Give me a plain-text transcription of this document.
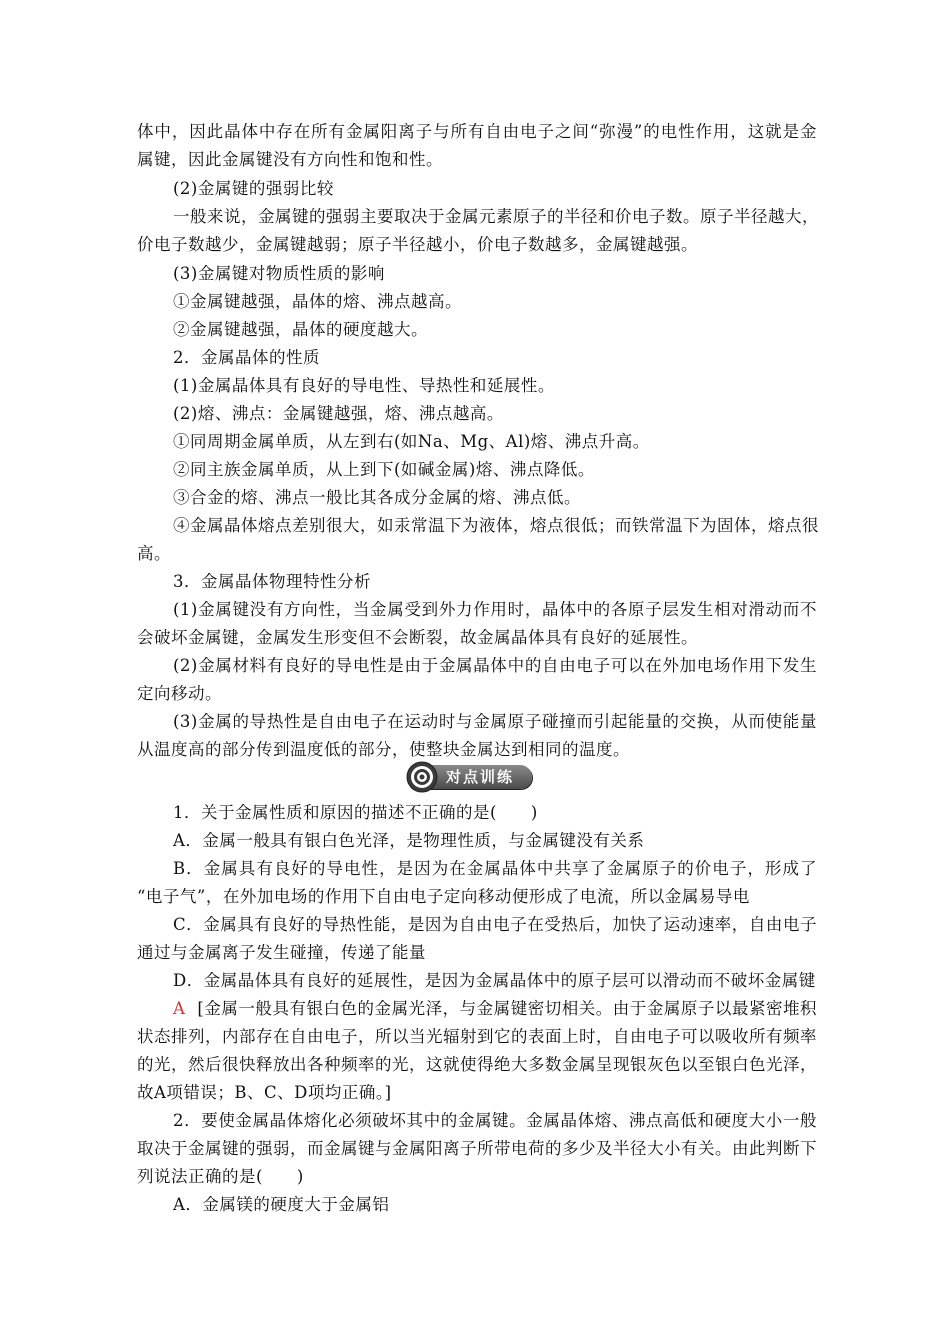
体中，因此晶体中存在所有金属阳离子与所有自由电子之间“弥漫”的电性作用，这就是金
属键，因此金属键没有方向性和饱和性。
(2)金属键的强弱比较
一般来说，金属键的强弱主要取决于金属元素原子的半径和价电子数。原子半径越大，
价电子数越少，金属键越弱；原子半径越小，价电子数越多，金属键越强。
(3)金属键对物质性质的影响
①金属键越强，晶体的熔、沸点越高。
②金属键越强，晶体的硬度越大。
2．金属晶体的性质
(1)金属晶体具有良好的导电性、导热性和延展性。
(2)熔、沸点：金属键越强，熔、沸点越高。
①同周期金属单质，从左到右(如Na、Mg、Al)熔、沸点升高。
②同主族金属单质，从上到下(如碱金属)熔、沸点降低。
③合金的熔、沸点一般比其各成分金属的熔、沸点低。
④金属晶体熔点差别很大，如汞常温下为液体，熔点很低；而铁常温下为固体，熔点很
高。
3．金属晶体物理特性分析
(1)金属键没有方向性，当金属受到外力作用时，晶体中的各原子层发生相对滑动而不
会破坏金属键，金属发生形变但不会断裂，故金属晶体具有良好的延展性。
(2)金属材料有良好的导电性是由于金属晶体中的自由电子可以在外加电场作用下发生
定向移动。
(3)金属的导热性是自由电子在运动时与金属原子碰撞而引起能量的交换，从而使能量
从温度高的部分传到温度低的部分，使整块金属达到相同的温度。
对点训练
1．关于金属性质和原因的描述不正确的是(　　)
A．金属一般具有银白色光泽，是物理性质，与金属键没有关系
B．金属具有良好的导电性，是因为在金属晶体中共享了金属原子的价电子，形成了
“电子气”，在外加电场的作用下自由电子定向移动便形成了电流，所以金属易导电
C．金属具有良好的导热性能，是因为自由电子在受热后，加快了运动速率，自由电子
通过与金属离子发生碰撞，传递了能量
D．金属晶体具有良好的延展性，是因为金属晶体中的原子层可以滑动而不破坏金属键
A [金属一般具有银白色的金属光泽，与金属键密切相关。由于金属原子以最紧密堆积
状态排列，内部存在自由电子，所以当光辐射到它的表面上时，自由电子可以吸收所有频率
的光，然后很快释放出各种频率的光，这就使得绝大多数金属呈现银灰色以至银白色光泽，
故A项错误；B、C、D项均正确。]
2．要使金属晶体熔化必须破坏其中的金属键。金属晶体熔、沸点高低和硬度大小一般
取决于金属键的强弱，而金属键与金属阳离子所带电荷的多少及半径大小有关。由此判断下
列说法正确的是(　　)
A．金属镁的硬度大于金属铝
